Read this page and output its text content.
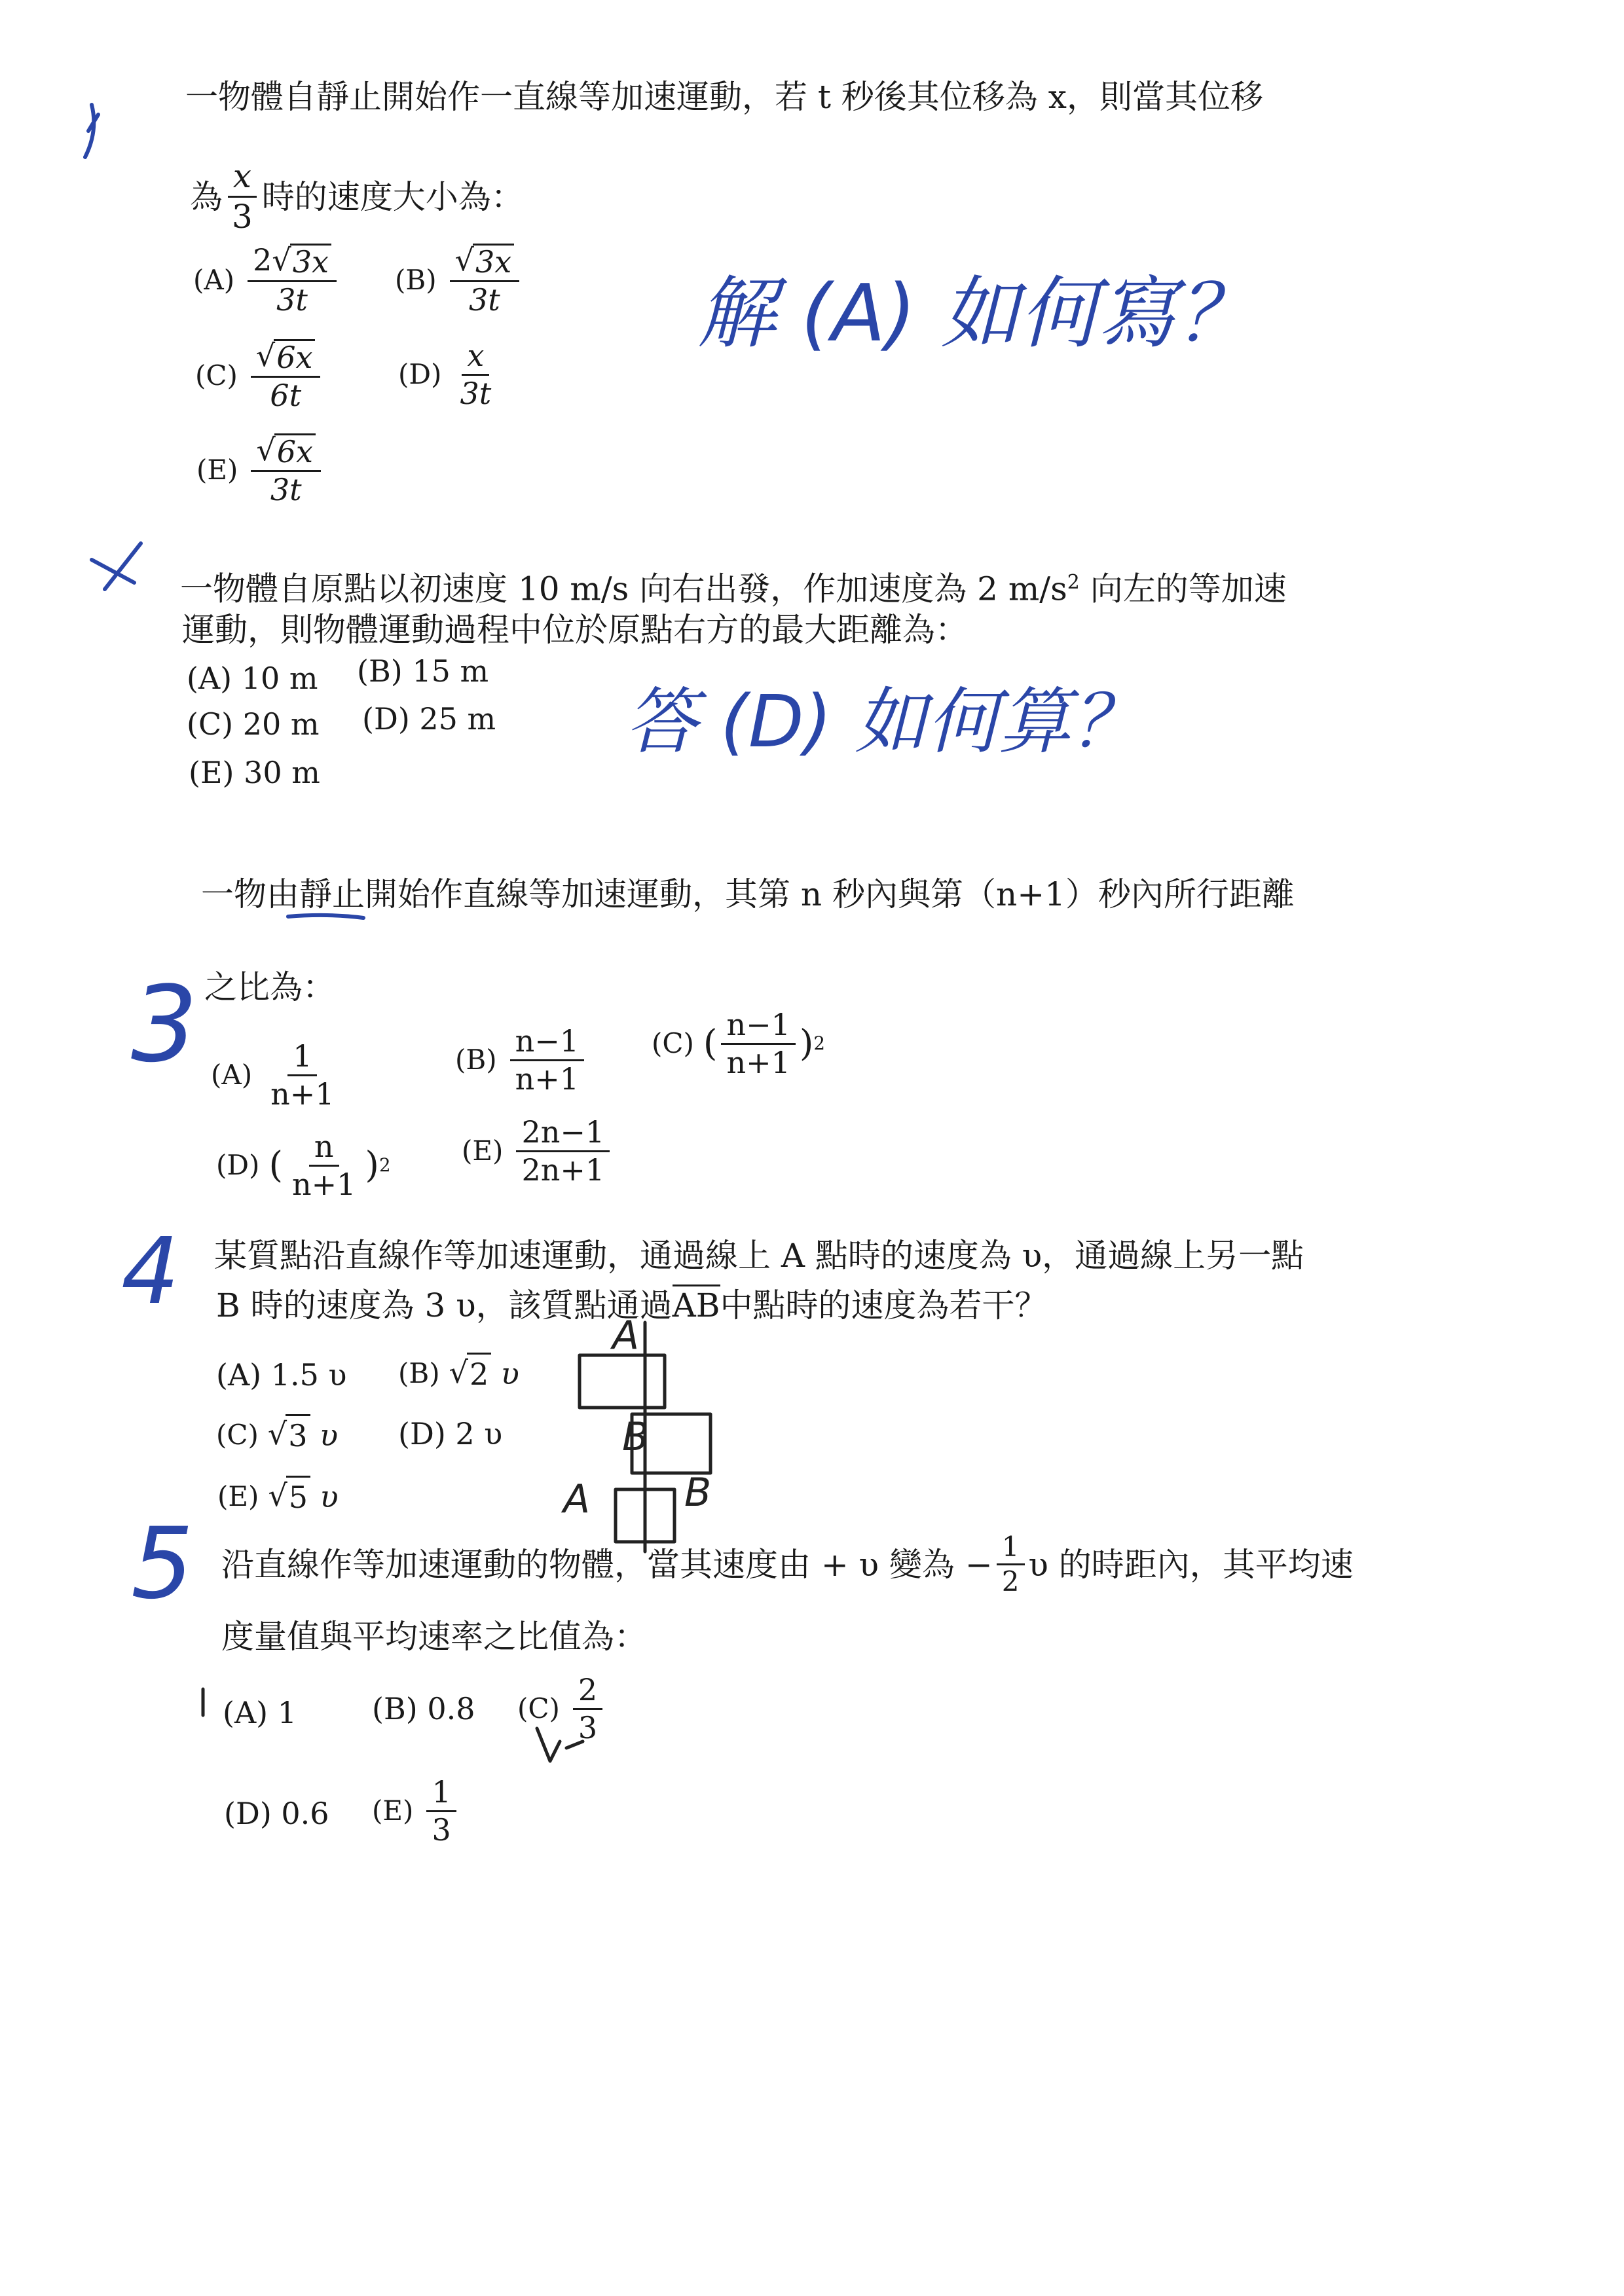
一物體自靜止開始作一直線等加速運動，若 t 秒後其位移為 x，則當其位移
為 $\frac{x}{3}$ 時的速度大小為：
$(A) \frac{2 √ 3x}{3t} (B) \frac{√ 3x}{3t}$
$(C) \frac{√ 6x}{6t}$	$(D) \frac{x}{3t}$
$(E) \frac{√ 6x}{3t}$
一物體自原點以初速度 10 m/s 向右出發，作加速度為 2 $m/s^2$ 向左的等加速
運動，則物體運動過程中位於原點右方的最大距離為：
(A) 10 m (B) 15 m
(C) 20 m (D) 25 m
(E) 30 m
一物由靜止開始作直線等加速運動，其第 n 秒內與第（n+1）秒內所行距離
之比為：
$(A) \frac{1}{n+1}$	$(B) \frac{n-1}{n+1} (C)$ ( $\frac{n-1}{n+1}$ ) 2
(D) ( $\frac{n}{n+1}$ ) 2	$(E) \frac{2n-1}{2n+1}$
某質點沿直線作等加速運動，通過線上 A 點時的速度為 υ，通過線上另一點
B 時的速度為 3 υ，該質點通過AB中點時的速度為若干？
(A) 1.5 υ (B) √ 2
υ
(C) √ 3
υ (D) 2 υ
(E) √ 5
υ
沿直線作等加速運動的物體，當其速度由 + υ 變為 − $\frac{1}{2}$ υ 的時距內，其平均速
度量值與平均速率之比值為：
(A) 1 (B) 0.8 $(C) \frac{2}{3}$
(D) 0.6 $(E) \frac{1}{3}$
解 (A) 如何寫？
答 (D) 如何算？
3
4
A
B
A B
5
